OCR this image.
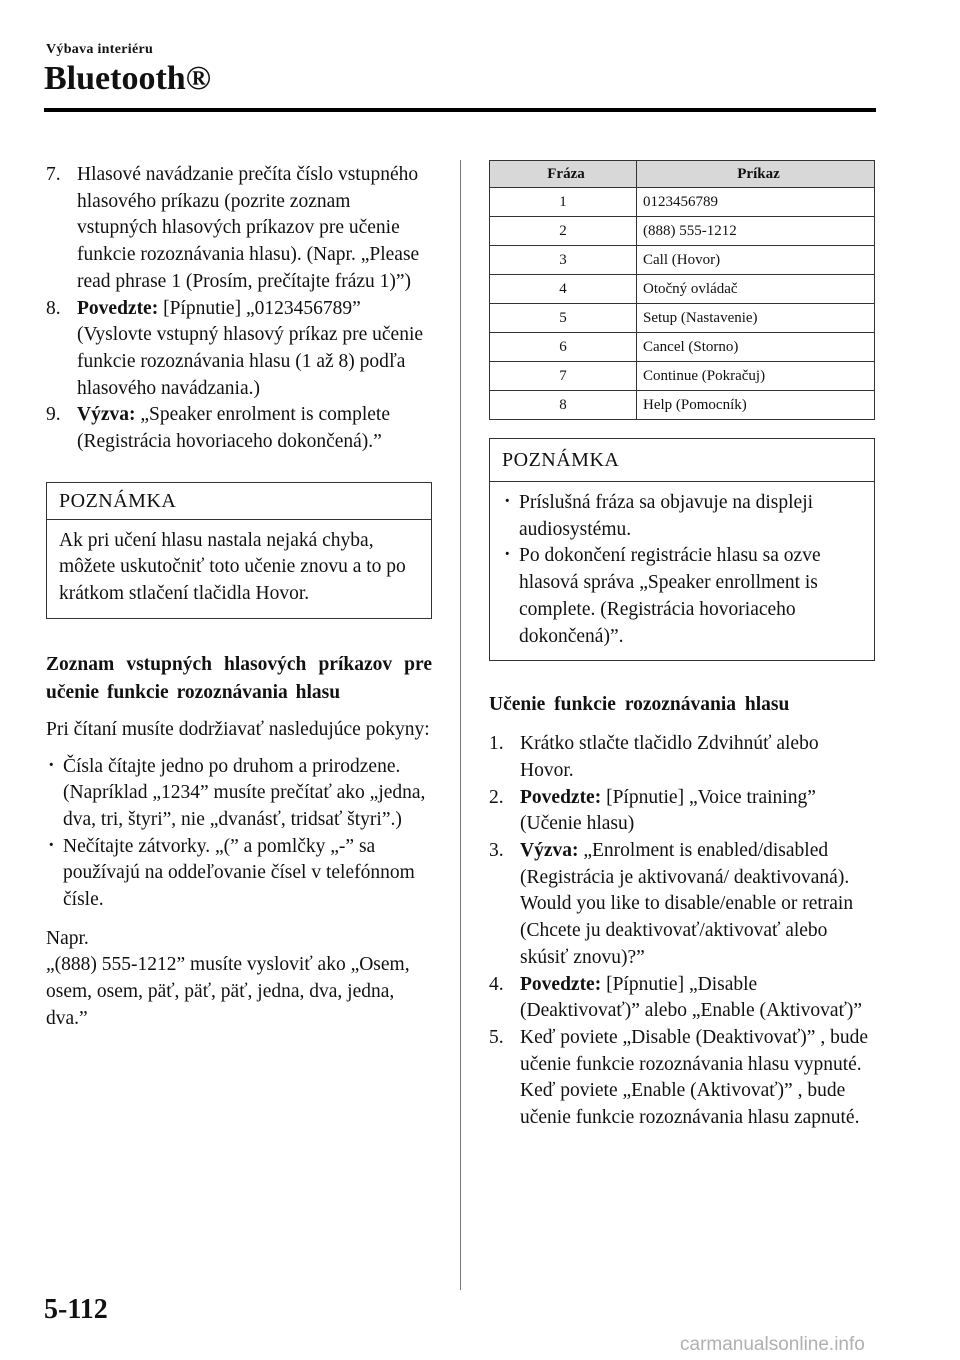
Výbava interiéru
Bluetooth®
7. Hlasové navádzanie prečíta číslo vstupného hlasového príkazu (pozrite zoznam vstupných hlasových príkazov pre učenie funkcie rozoznávania hlasu). (Napr. „Please read phrase 1 (Prosím, prečítajte frázu 1)”)
8. Povedzte: [Pípnutie] „0123456789” (Vyslovte vstupný hlasový príkaz pre učenie funkcie rozoznávania hlasu (1 až 8) podľa hlasového navádzania.)
9. Výzva: „Speaker enrolment is complete (Registrácia hovoriaceho dokončená).”
POZNÁMKA
Ak pri učení hlasu nastala nejaká chyba, môžete uskutočniť toto učenie znovu a to po krátkom stlačení tlačidla Hovor.

Zoznam vstupných hlasových príkazov pre učenie funkcie rozoznávania hlasu

Pri čítaní musíte dodržiavať nasledujúce pokyny:

· Čísla čítajte jedno po druhom a prirodzene.
(Napríklad „1234” musíte prečítať ako „jedna, dva, tri, štyri”, nie „dvanásť, tridsať štyri”.)
· Nečítajte zátvorky. „(” a pomlčky „-” sa používajú na oddeľovanie čísel v telefónnom čísle.

Napr.

„(888) 555-1212” musíte vysloviť ako „Osem, osem, osem, päť, päť, päť, jedna, dva, jedna, dva.”

Fráza	Príkaz
1	0123456789
2	(888) 555-1212
3	Call (Hovor)
4	Otočný ovládač
5	Setup (Nastavenie)
6	Cancel (Storno)
7	Continue (Pokračuj)
8	Help (Pomocník)
POZNÁMKA
· Príslušná fráza sa objavuje na displeji audiosystému.
· Po dokončení registrácie hlasu sa ozve hlasová správa „Speaker enrollment is complete. (Registrácia hovoriaceho dokončená)”.

Učenie funkcie rozoznávania hlasu

1. Krátko stlačte tlačidlo Zdvihnúť alebo Hovor.
2. Povedzte: [Pípnutie] „Voice training” (Učenie hlasu)
3. Výzva: „Enrolment is enabled/disabled (Registrácia je aktivovaná/ deaktivovaná). Would you like to disable/enable or retrain (Chcete ju deaktivovať/aktivovať alebo skúsiť znovu)?”
4. Povedzte: [Pípnutie] „Disable (Deaktivovať)” alebo „Enable (Aktivovať)”
5. Keď poviete „Disable (Deaktivovať)” , bude učenie funkcie rozoznávania hlasu vypnuté.
Keď poviete „Enable (Aktivovať)” , bude učenie funkcie rozoznávania hlasu zapnuté.
5-112
carmanualsonline.info
